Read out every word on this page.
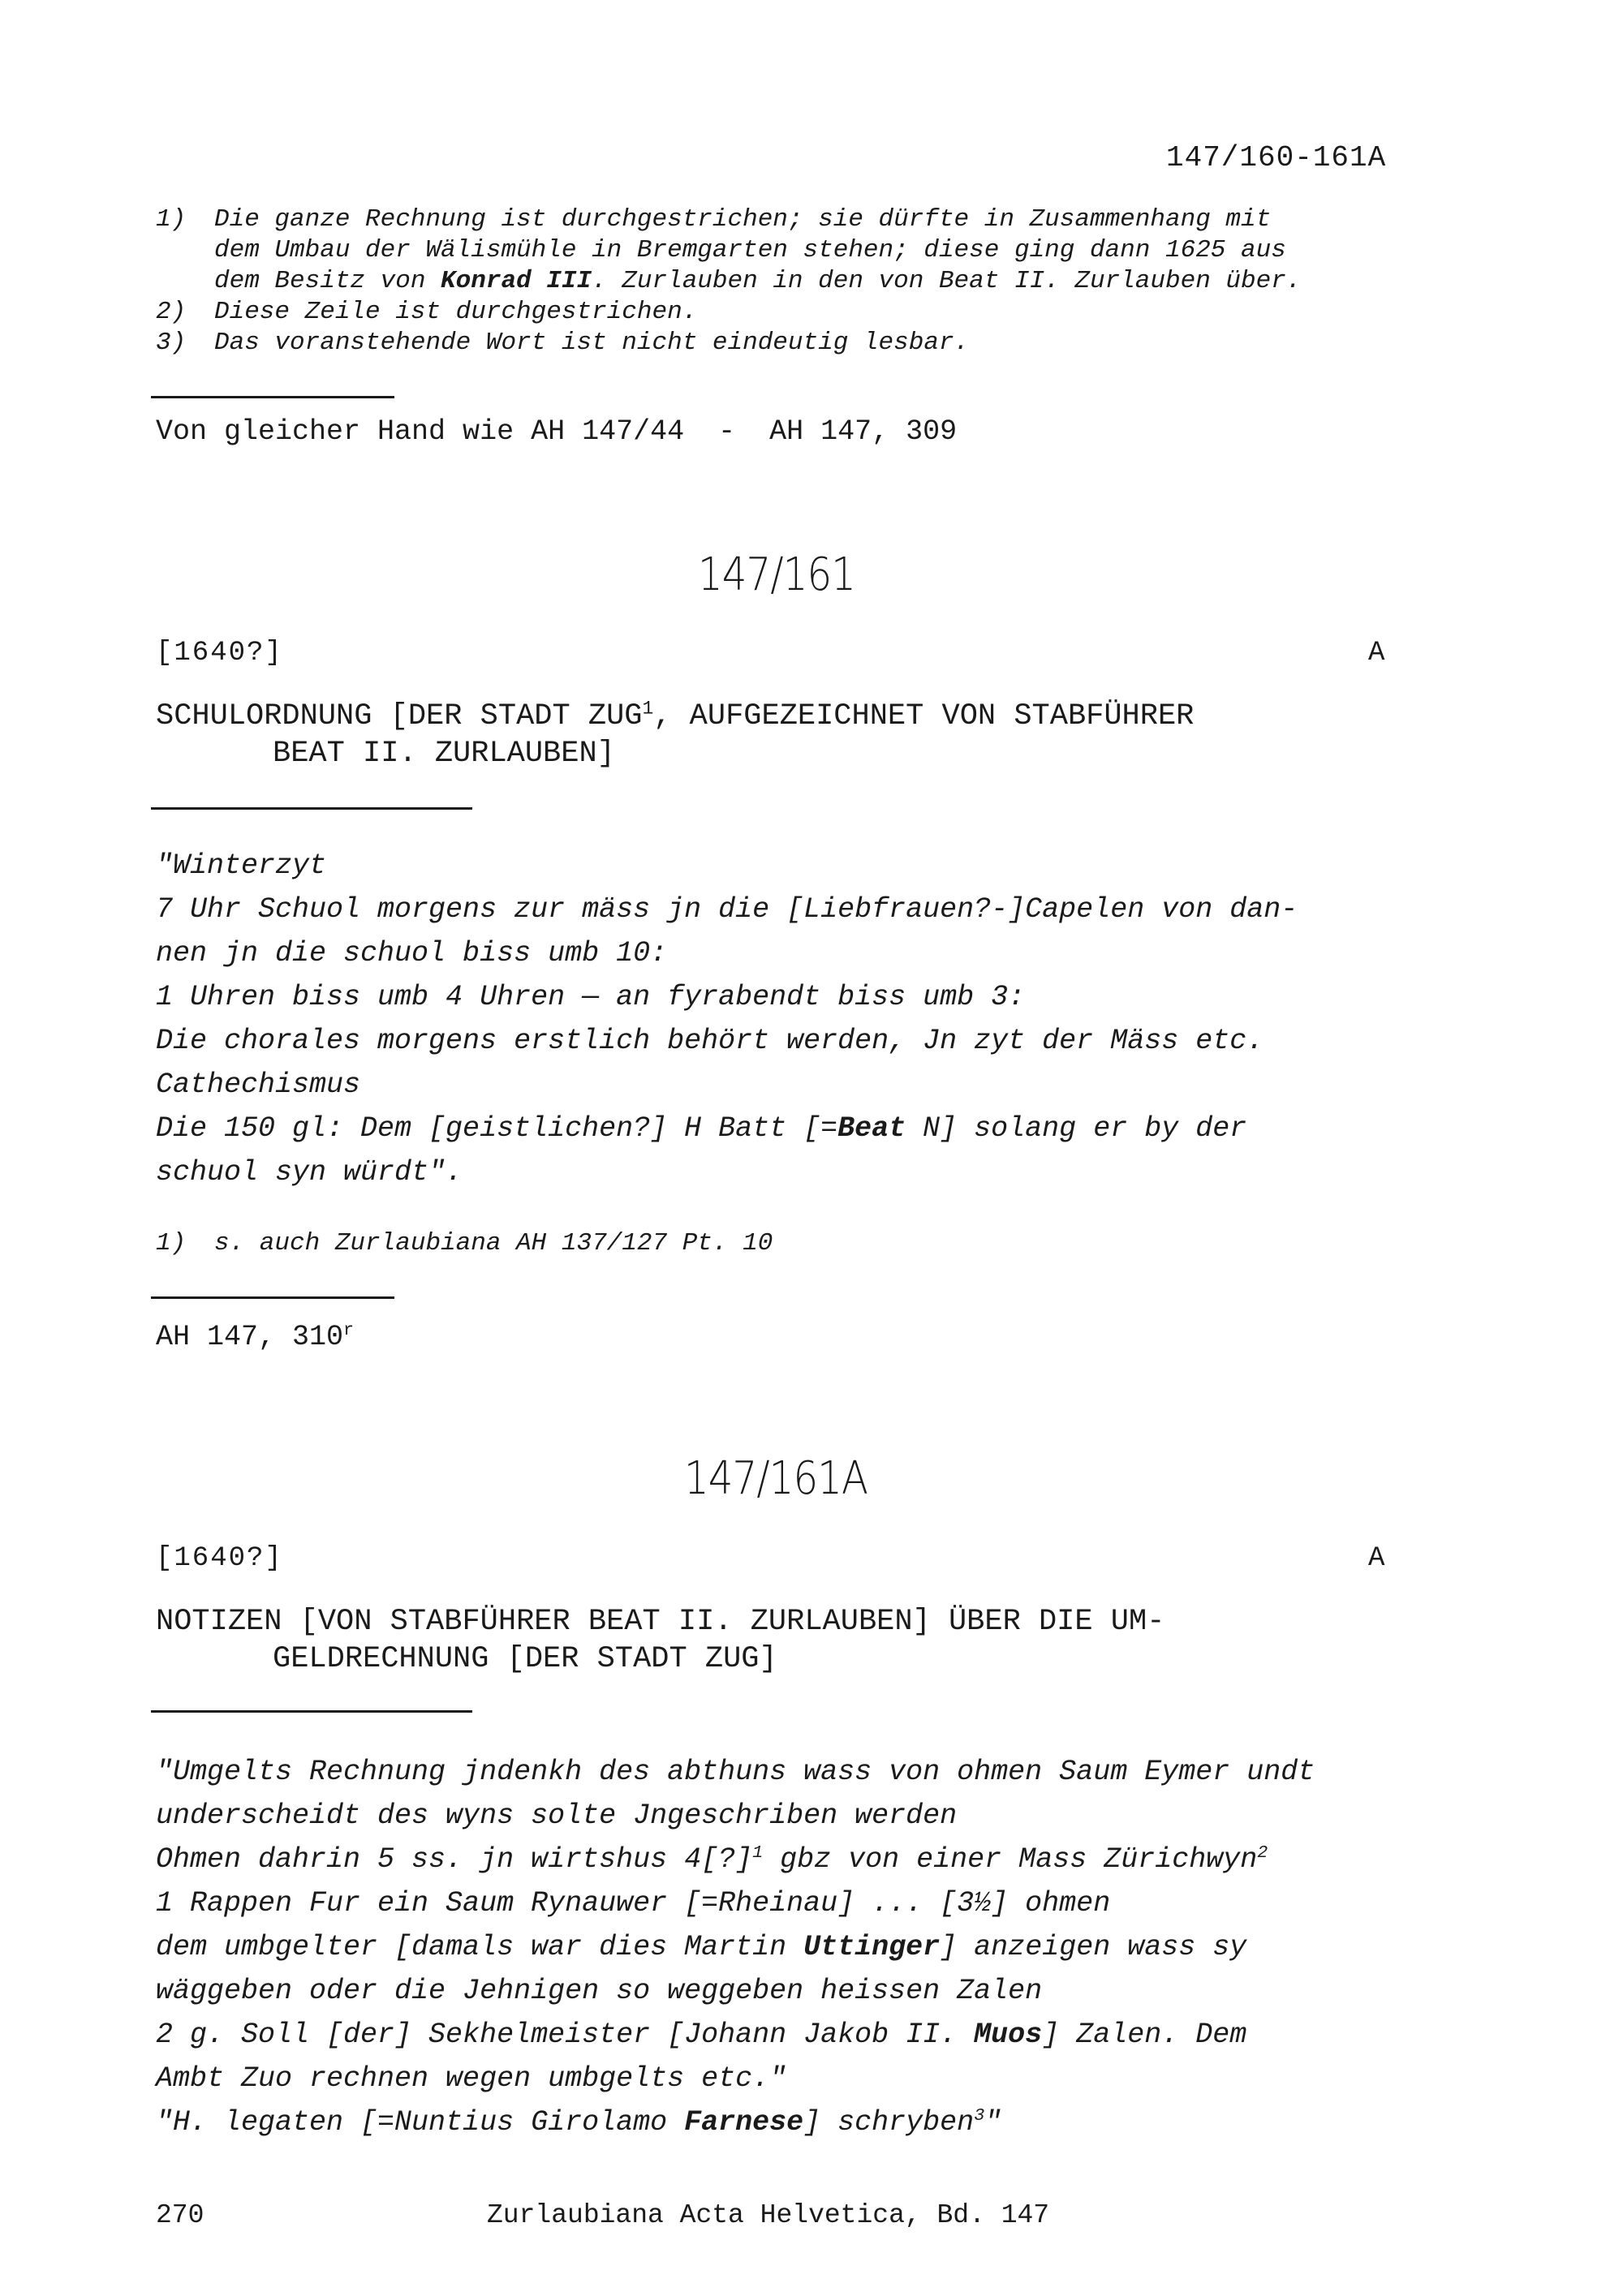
147/160-161A
1) Die ganze Rechnung ist durchgestrichen; sie dürfte in Zusammenhang mit
dem Umbau der Wälismühle in Bremgarten stehen; diese ging dann 1625 aus
dem Besitz von Konrad III. Zurlauben in den von Beat II. Zurlauben über.
2) Diese Zeile ist durchgestrichen.
3) Das voranstehende Wort ist nicht eindeutig lesbar.
Von gleicher Hand wie AH 147/44  -  AH 147, 309
147/161
[1640?]	A
SCHULORDNUNG [DER STADT ZUG$^1$, AUFGEZEICHNET VON STABFÜHRER
BEAT II. ZURLAUBEN]
"Winterzyt
7 Uhr Schuol morgens zur mäss jn die [Liebfrauen?-]Capelen von dan-
nen jn die schuol biss umb 10:
1 Uhren biss umb 4 Uhren — an fyrabendt biss umb 3:
Die chorales morgens erstlich behört werden, Jn zyt der Mäss etc.
Cathechismus
Die 150 gl: Dem [geistlichen?] H Batt [=Beat N] solang er by der
schuol syn würdt".
1) s. auch Zurlaubiana AH 137/127 Pt. 10
AH 147, 310$^r$
147/161A
[1640?]	A
NOTIZEN [VON STABFÜHRER BEAT II. ZURLAUBEN] ÜBER DIE UM-
GELDRECHNUNG [DER STADT ZUG]
"Umgelts Rechnung jndenkh des abthuns wass von ohmen Saum Eymer undt
underscheidt des wyns solte Jngeschriben werden
Ohmen dahrin 5 ss. jn wirtshus 4[?]$^1$ gbz von einer Mass Zürichwyn$^2$
1 Rappen Fur ein Saum Rynauwer [=Rheinau] ... [3½] ohmen
dem umbgelter [damals war dies Martin Uttinger] anzeigen wass sy
wäggeben oder die Jehnigen so weggeben heissen Zalen
2 g. Soll [der] Sekhelmeister [Johann Jakob II. Muos] Zalen. Dem
Ambt Zuo rechnen wegen umbgelts etc."
"H. legaten [=Nuntius Girolamo Farnese] schryben$^3$"
270	Zurlaubiana Acta Helvetica, Bd. 147
